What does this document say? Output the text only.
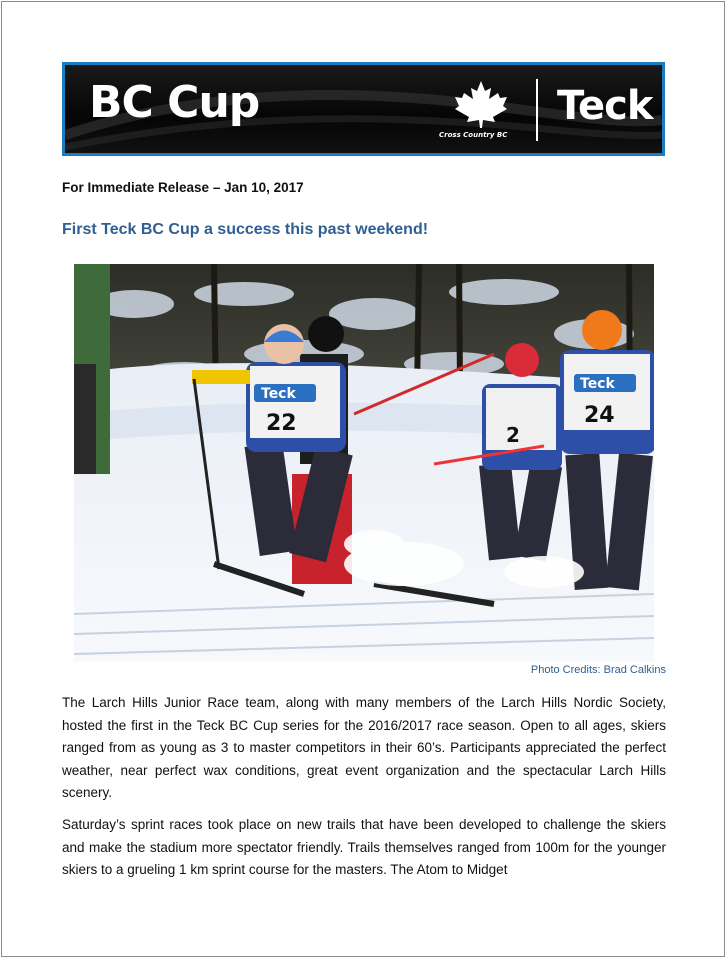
BC Cup
Cross Country BC
Teck
For Immediate Release – Jan 10, 2017
First Teck BC Cup a success this past weekend!
Teck
22	2
Teck
24
Photo Credits: Brad Calkins

The Larch Hills Junior Race team, along with many members of the Larch Hills Nordic Society, hosted the first in the Teck BC Cup series for the 2016/2017 race season. Open to all ages, skiers ranged from as young as 3 to master competitors in their 60’s. Participants appreciated the perfect weather, near perfect wax conditions, great event organization and the spectacular Larch Hills scenery.

Saturday’s sprint races took place on new trails that have been developed to challenge the skiers and make the stadium more spectator friendly. Trails themselves ranged from 100m for the younger skiers to a grueling 1 km sprint course for the masters. The Atom to Midget
